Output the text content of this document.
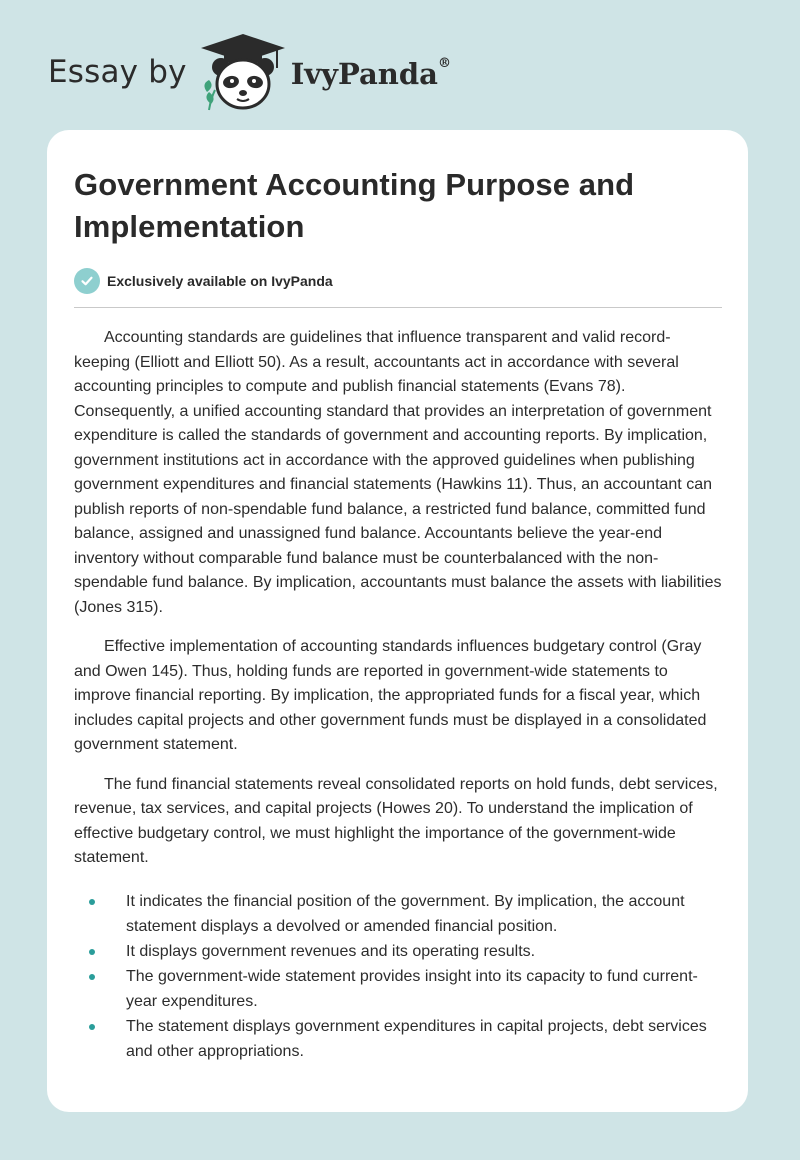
Essay by	IvyPanda®
Government Accounting Purpose and Implementation
Exclusively available on IvyPanda

Accounting standards are guidelines that influence transparent and valid record-keeping (Elliott and Elliott 50). As a result, accountants act in accordance with several accounting principles to compute and publish financial statements (Evans 78). Consequently, a unified accounting standard that provides an interpretation of government expenditure is called the standards of government and accounting reports. By implication, government institutions act in accordance with the approved guidelines when publishing government expenditures and financial statements (Hawkins 11). Thus, an accountant can publish reports of non-spendable fund balance, a restricted fund balance, committed fund balance, assigned and unassigned fund balance. Accountants believe the year-end inventory without comparable fund balance must be counterbalanced with the non-spendable fund balance. By implication, accountants must balance the assets with liabilities (Jones 315).

Effective implementation of accounting standards influences budgetary control (Gray and Owen 145). Thus, holding funds are reported in government-wide statements to improve financial reporting. By implication, the appropriated funds for a fiscal year, which includes capital projects and other government funds must be displayed in a consolidated government statement.

The fund financial statements reveal consolidated reports on hold funds, debt services, revenue, tax services, and capital projects (Howes 20). To understand the implication of effective budgetary control, we must highlight the importance of the government-wide statement.

It indicates the financial position of the government. By implication, the account statement displays a devolved or amended financial position.
It displays government revenues and its operating results.
The government-wide statement provides insight into its capacity to fund current-year expenditures.
The statement displays government expenditures in capital projects, debt services and other appropriations.
